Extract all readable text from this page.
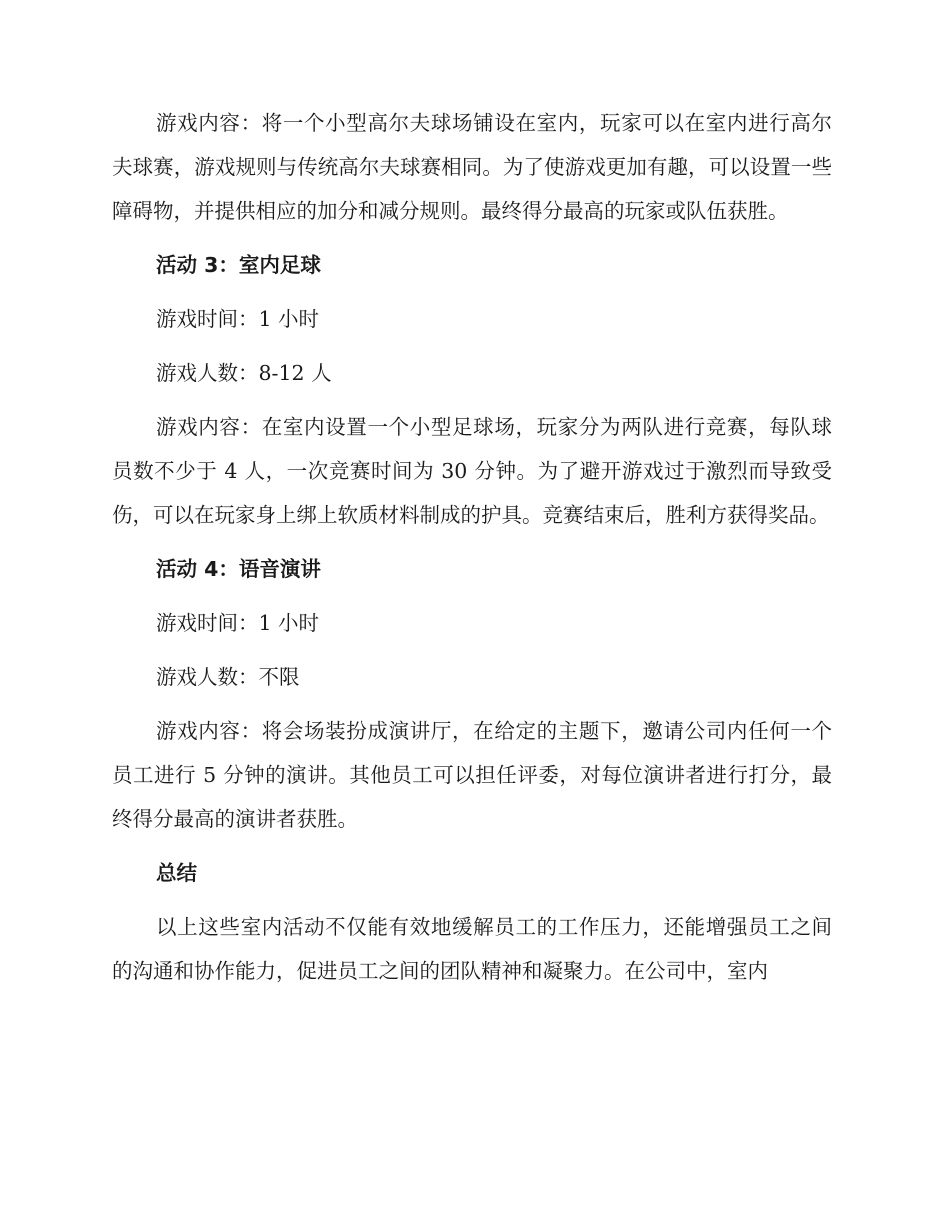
游戏内容：将一个小型高尔夫球场铺设在室内，玩家可以在室内进行高尔夫球赛，游戏规则与传统高尔夫球赛相同。为了使游戏更加有趣，可以设置一些障碍物，并提供相应的加分和减分规则。最终得分最高的玩家或队伍获胜。

活动 3：室内足球

游戏时间：1 小时

游戏人数：8-12 人

游戏内容：在室内设置一个小型足球场，玩家分为两队进行竞赛，每队球员数不少于 4 人，一次竞赛时间为 30 分钟。为了避开游戏过于激烈而导致受伤，可以在玩家身上绑上软质材料制成的护具。竞赛结束后，胜利方获得奖品。

活动 4：语音演讲

游戏时间：1 小时

游戏人数：不限

游戏内容：将会场装扮成演讲厅，在给定的主题下，邀请公司内任何一个员工进行 5 分钟的演讲。其他员工可以担任评委，对每位演讲者进行打分，最终得分最高的演讲者获胜。

总结

以上这些室内活动不仅能有效地缓解员工的工作压力，还能增强员工之间的沟通和协作能力，促进员工之间的团队精神和凝聚力。在公司中，室内
